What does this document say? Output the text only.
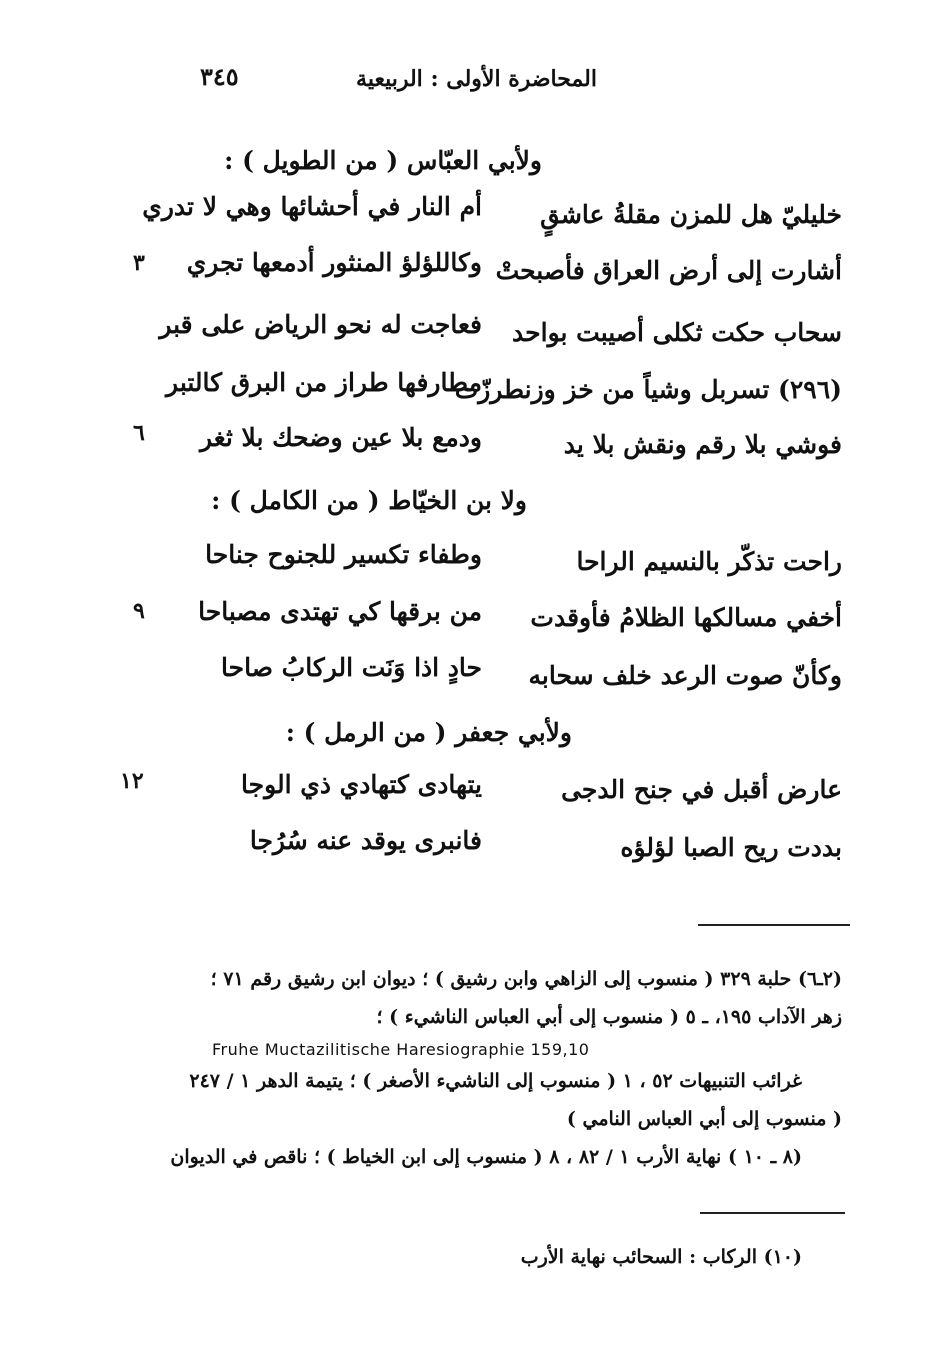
المحاضرة الأولى : الربيعية
٣٤٥
ولأبي العبّاس ( من الطويل ) :
خليليّ هل للمزن مقلةُ عاشقٍ
أم النار في أحشائها وهي لا تدري
أشارت إلى أرض العراق فأصبحتْ
وكاللؤلؤ المنثور أدمعها تجري
٣
سحاب حكت ثكلى أصيبت بواحد
فعاجت له نحو الرياض على قبر
(٢٩٦) تسربل وشياً من خز وزنطرزّت
مطارفها طراز من البرق كالتبر
فوشي بلا رقم ونقش بلا يد
ودمع بلا عين وضحك بلا ثغر
٦
ولا بن الخيّاط ( من الكامل ) :
راحت تذكّر بالنسيم الراحا
وطفاء تكسير للجنوح جناحا
أخفي مسالكها الظلامُ فأوقدت
من برقها كي تهتدى مصباحا
٩
وكأنّ صوت الرعد خلف سحابه
حادٍ اذا وَنَت الركابُ صاحا
ولأبي جعفر ( من الرمل ) :
عارض أقبل في جنح الدجى
يتهادى كتهادي ذي الوجا
١٢
بددت ريح الصبا لؤلؤه
فانبرى يوقد عنه سُرُجا
(٢ـ٦) حلبة ٣٢٩ ( منسوب إلى الزاهي وابن رشيق ) ؛ ديوان ابن رشيق رقم ٧١ ؛
زهر الآداب ١٩٥، ـ ٥ ( منسوب إلى أبي العباس الناشيء ) ؛
Fruhe Muctazilitische Haresiographie 159,10
غرائب التنبيهات ٥٢ ، ١ ( منسوب إلى الناشيء الأصغر ) ؛ يتيمة الدهر ١ / ٢٤٧
( منسوب إلى أبي العباس النامي )
(٨ ـ ١٠ ) نهاية الأرب ١ / ٨٢ ، ٨ ( منسوب إلى ابن الخياط ) ؛ ناقص في الديوان
(١٠) الركاب : السحائب نهاية الأرب
